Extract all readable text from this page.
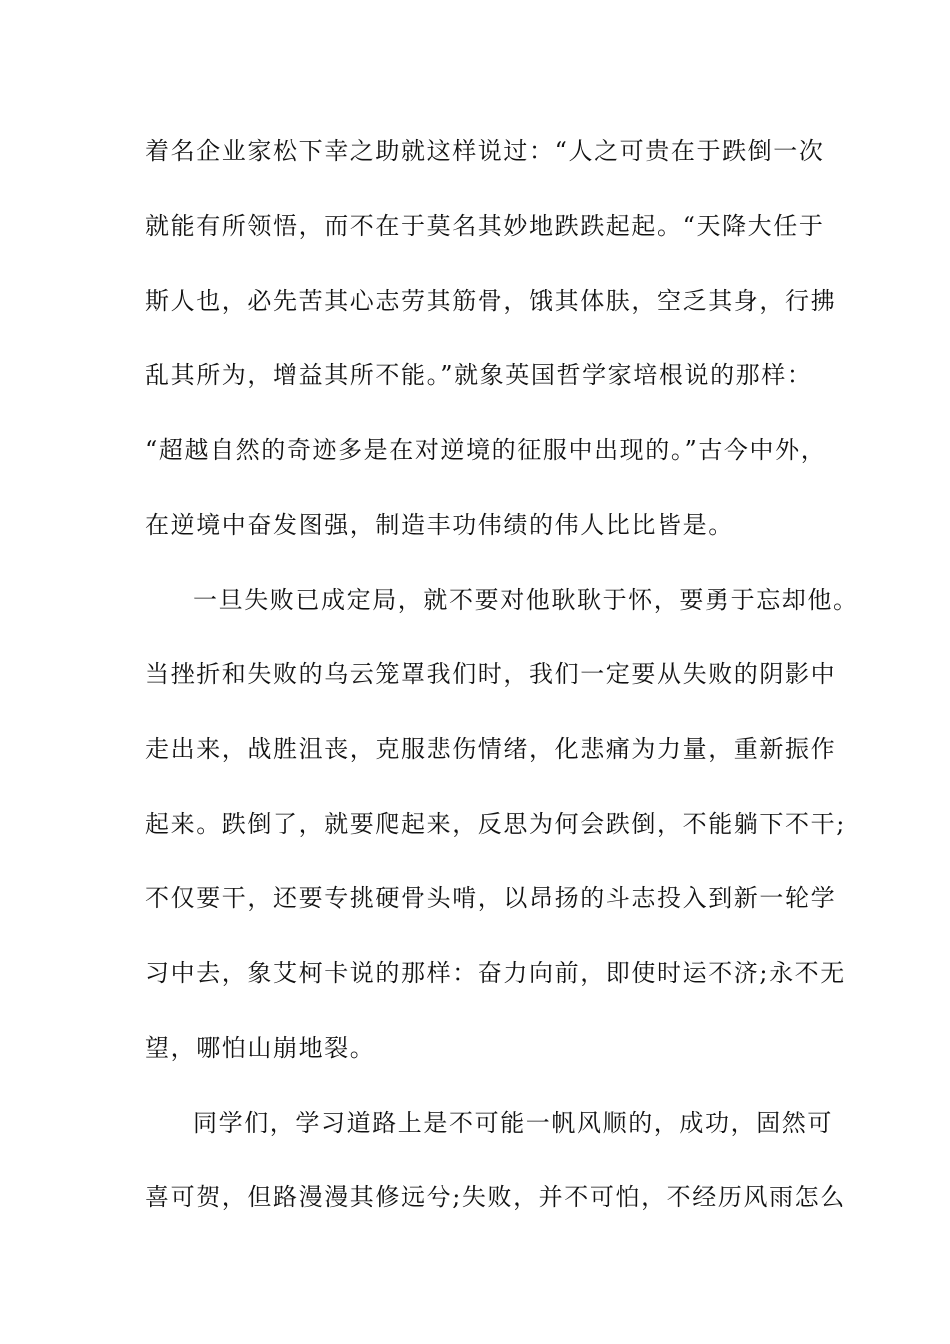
着名企业家松下幸之助就这样说过：“人之可贵在于跌倒一次
就能有所领悟，而不在于莫名其妙地跌跌起起。“天降大任于
斯人也，必先苦其心志劳其筋骨，饿其体肤，空乏其身，行拂
乱其所为，增益其所不能。”就象英国哲学家培根说的那样：
“超越自然的奇迹多是在对逆境的征服中出现的。”古今中外，
在逆境中奋发图强，制造丰功伟绩的伟人比比皆是。
一旦失败已成定局，就不要对他耿耿于怀，要勇于忘却他。
当挫折和失败的乌云笼罩我们时，我们一定要从失败的阴影中
走出来，战胜沮丧，克服悲伤情绪，化悲痛为力量，重新振作
起来。跌倒了，就要爬起来，反思为何会跌倒，不能躺下不干;
不仅要干，还要专挑硬骨头啃，以昂扬的斗志投入到新一轮学
习中去，象艾柯卡说的那样：奋力向前，即使时运不济;永不无
望，哪怕山崩地裂。
同学们，学习道路上是不可能一帆风顺的，成功，固然可
喜可贺，但路漫漫其修远兮;失败，并不可怕，不经历风雨怎么
